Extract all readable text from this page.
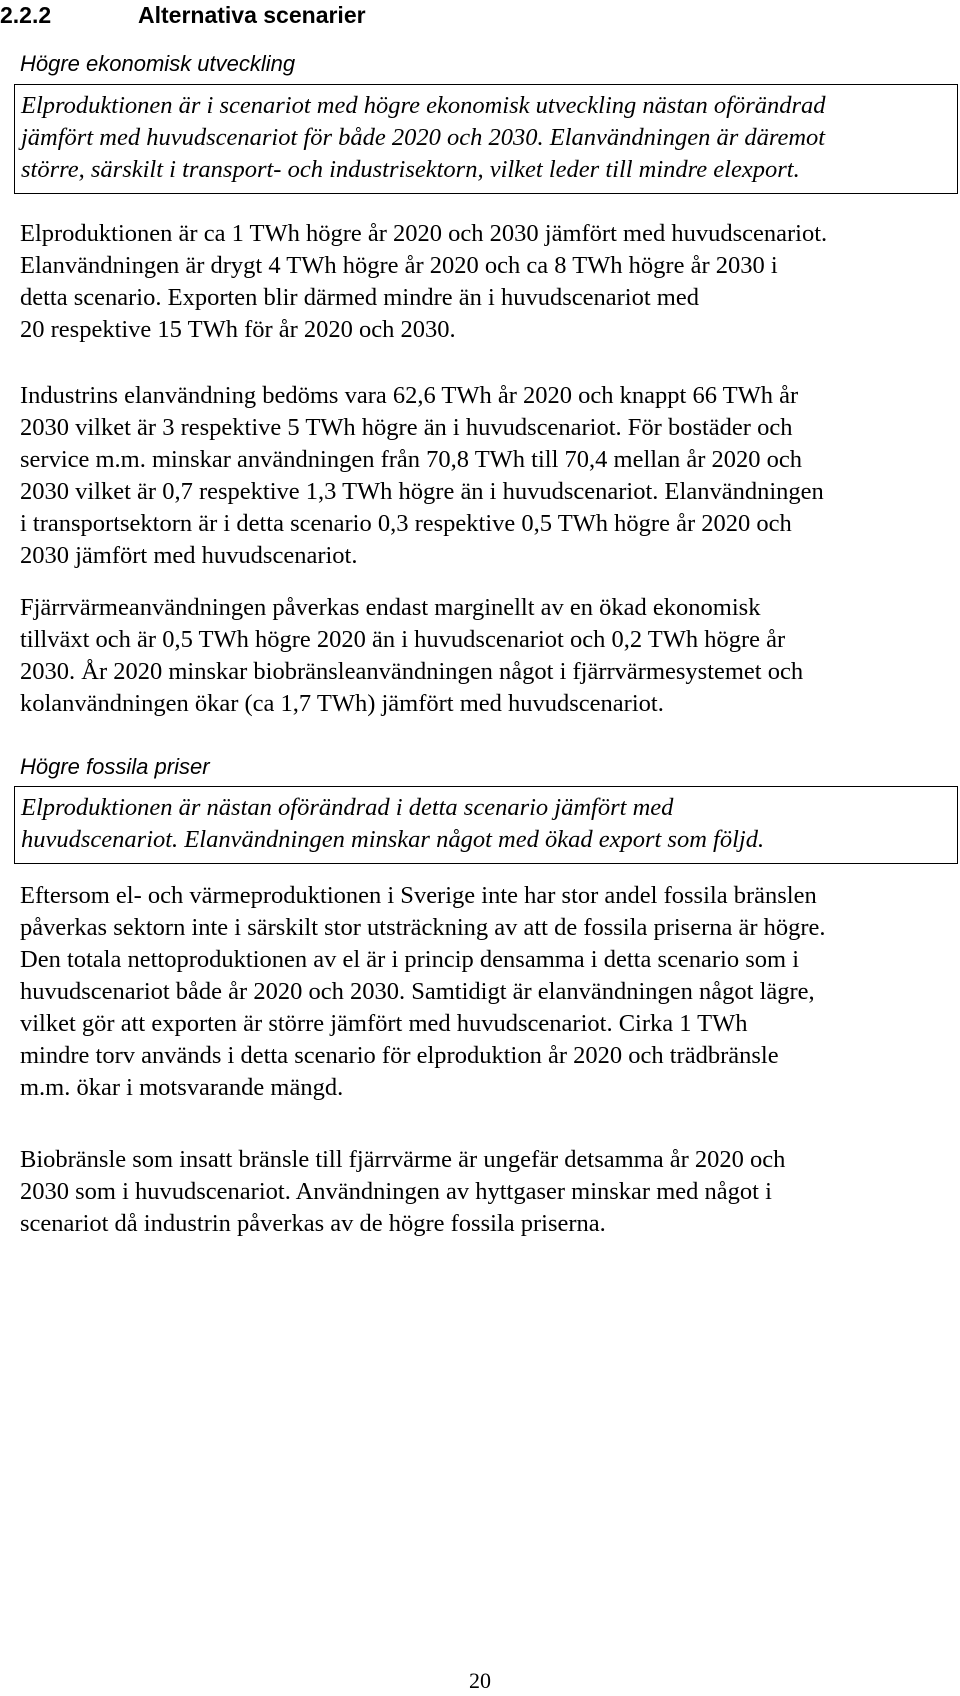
2.2.2	Alternativa scenarier
Högre ekonomisk utveckling
Elproduktionen är i scenariot med högre ekonomisk utveckling nästan oförändrad
jämfört med huvudscenariot för både 2020 och 2030. Elanvändningen är däremot
större, särskilt i transport- och industrisektorn, vilket leder till mindre elexport.
Elproduktionen är ca 1 TWh högre år 2020 och 2030 jämfört med huvudscenariot.
Elanvändningen är drygt 4 TWh högre år 2020 och ca 8 TWh högre år 2030 i
detta scenario. Exporten blir därmed mindre än i huvudscenariot med
20 respektive 15 TWh för år 2020 och 2030.
Industrins elanvändning bedöms vara 62,6 TWh år 2020 och knappt 66 TWh år
2030 vilket är 3 respektive 5 TWh högre än i huvudscenariot. För bostäder och
service m.m. minskar användningen från 70,8 TWh till 70,4 mellan år 2020 och
2030 vilket är 0,7 respektive 1,3 TWh högre än i huvudscenariot. Elanvändningen
i transportsektorn är i detta scenario 0,3 respektive 0,5 TWh högre år 2020 och
2030 jämfört med huvudscenariot.
Fjärrvärmeanvändningen påverkas endast marginellt av en ökad ekonomisk
tillväxt och är 0,5 TWh högre 2020 än i huvudscenariot och 0,2 TWh högre år
2030. År 2020 minskar biobränsleanvändningen något i fjärrvärmesystemet och
kolanvändningen ökar (ca 1,7 TWh) jämfört med huvudscenariot.
Högre fossila priser
Elproduktionen är nästan oförändrad i detta scenario jämfört med
huvudscenariot. Elanvändningen minskar något med ökad export som följd.
Eftersom el- och värmeproduktionen i Sverige inte har stor andel fossila bränslen
påverkas sektorn inte i särskilt stor utsträckning av att de fossila priserna är högre.
Den totala nettoproduktionen av el är i princip densamma i detta scenario som i
huvudscenariot både år 2020 och 2030. Samtidigt är elanvändningen något lägre,
vilket gör att exporten är större jämfört med huvudscenariot. Cirka 1 TWh
mindre torv används i detta scenario för elproduktion år 2020 och trädbränsle
m.m. ökar i motsvarande mängd.
Biobränsle som insatt bränsle till fjärrvärme är ungefär detsamma år 2020 och
2030 som i huvudscenariot. Användningen av hyttgaser minskar med något i
scenariot då industrin påverkas av de högre fossila priserna.
20
